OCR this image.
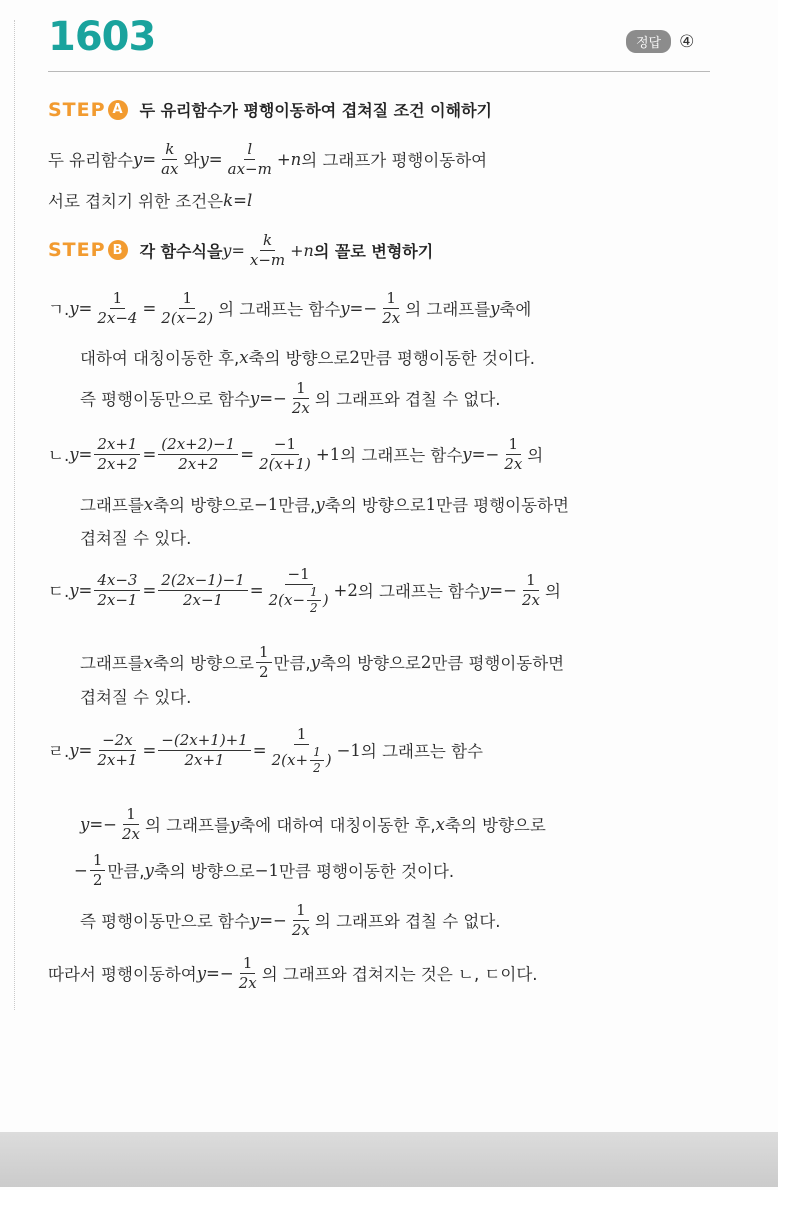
1603	정답	④
STEP A	두 유리함수가 평행이동하여 겹쳐질 조건 이해하기
두 유리함수 $y = \frac{k}{ax}$ 와 $y = \frac{l}{ax-m} +n$ 의 그래프가 평행이동하여
서로 겹치기 위한 조건은 k=l
STEP B	각 함수식을 $y = \frac{k}{x-m} +n$ 의 꼴로 변형하기
ㄱ. $y = \frac{1}{2x-4} = \frac{1}{2(x-2)}$ 의 그래프는 함수 $y=- \frac{1}{2x}$ 의 그래프를 y 축에
대하여 대칭이동한 후, x 축의 방향으로 2 만큼 평행이동한 것이다.
즉 평행이동만으로 함수 $y=- \frac{1}{2x}$ 의 그래프와 겹칠 수 없다.
ㄴ. $y = \frac{2x+1}{2x+2} = \frac{(2x+2)-1}{2x+2} = \frac{-1}{2(x+1)} +1$ 의 그래프는 함수 $y=- \frac{1}{2x}$ 의
그래프를 x 축의 방향으로 −1 만큼, y 축의 방향으로 1 만큼 평행이동하면
겹쳐질 수 있다.
ㄷ. $y = \frac{4x-3}{2x-1} = \frac{2(2x-1)-1}{2x-1} = \frac{-1}{2(x- \frac{1}{2} )} +2$ 의 그래프는 함수 $y=- \frac{1}{2x}$ 의
그래프를 x 축의 방향으로 $\frac{1}{2}$ 만큼, y 축의 방향으로 2 만큼 평행이동하면
겹쳐질 수 있다.
ㄹ. $y = \frac{-2x}{2x+1} = \frac{-(2x+1)+1}{2x+1} = \frac{1}{2(x+ \frac{1}{2} )} -1$ 의 그래프는 함수
$y=- \frac{1}{2x}$ 의 그래프를 y 축에 대하여 대칭이동한 후, x 축의 방향으로
− $\frac{1}{2}$ 만큼, y 축의 방향으로 −1 만큼 평행이동한 것이다.
즉 평행이동만으로 함수 $y=- \frac{1}{2x}$ 의 그래프와 겹칠 수 없다.
따라서 평행이동하여 $y=- \frac{1}{2x}$ 의 그래프와 겹쳐지는 것은 ㄴ, ㄷ이다.
